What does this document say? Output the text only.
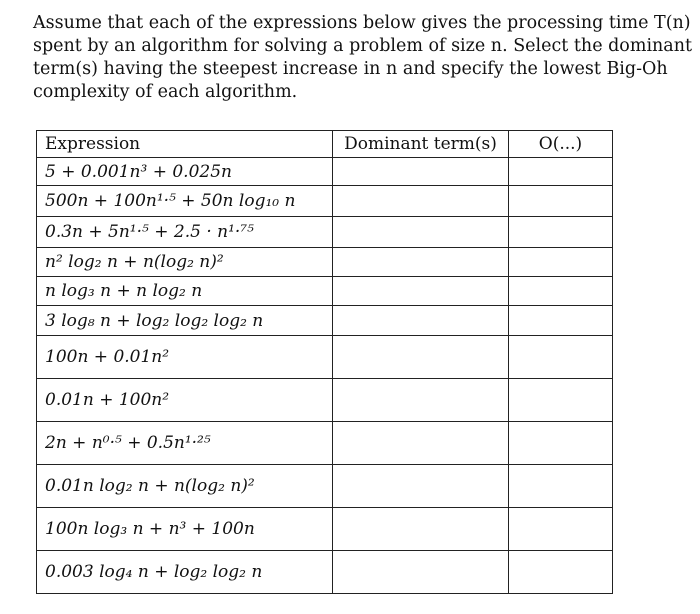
Assume that each of the expressions below gives the processing time T(n)
spent by an algorithm for solving a problem of size n. Select the dominant
term(s) having the steepest increase in n and specify the lowest Big-Oh
complexity of each algorithm.
Expression	Dominant term(s)	O(...)
5 + 0.001n³ + 0.025n		
500n + 100n¹·⁵ + 50n log₁₀ n		
0.3n + 5n¹·⁵ + 2.5 · n¹·⁷⁵		
n² log₂ n + n(log₂ n)²		
n log₃ n + n log₂ n		
3 log₈ n + log₂ log₂ log₂ n		
100n + 0.01n²		
0.01n + 100n²		
2n + n⁰·⁵ + 0.5n¹·²⁵		
0.01n log₂ n + n(log₂ n)²		
100n log₃ n + n³ + 100n		
0.003 log₄ n + log₂ log₂ n		
